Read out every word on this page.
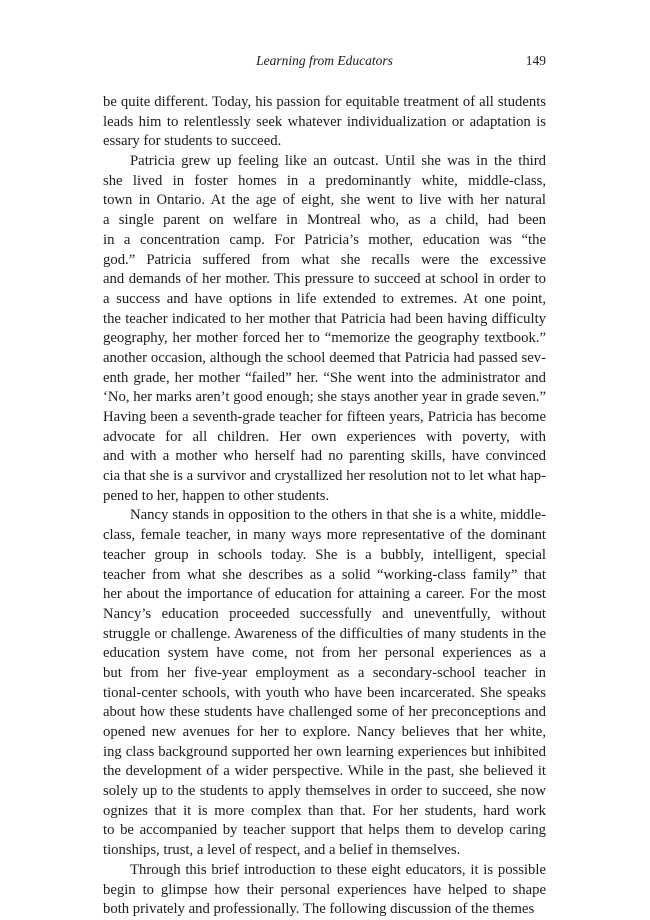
Learning from Educators	149

be quite different. Today, his passion for equitable treatment of all students
leads him to relentlessly seek whatever individualization or adaptation is
essary for students to succeed.

Patricia grew up feeling like an outcast. Until she was in the third
she lived in foster homes in a predominantly white, middle-class,
town in Ontario. At the age of eight, she went to live with her natural
a single parent on welfare in Montreal who, as a child, had been
in a concentration camp. For Patricia’s mother, education was “the
god.” Patricia suffered from what she recalls were the excessive
and demands of her mother. This pressure to succeed at school in order to
a success and have options in life extended to extremes. At one point,
the teacher indicated to her mother that Patricia had been having difficulty
geography, her mother forced her to “memorize the geography textbook.”
another occasion, although the school deemed that Patricia had passed sev-
enth grade, her mother “failed” her. “She went into the administrator and
‘No, her marks aren’t good enough; she stays another year in grade seven.”
Having been a seventh-grade teacher for fifteen years, Patricia has become
advocate for all children. Her own experiences with poverty, with
and with a mother who herself had no parenting skills, have convinced
cia that she is a survivor and crystallized her resolution not to let what hap-
pened to her, happen to other students.

Nancy stands in opposition to the others in that she is a white, middle-
class, female teacher, in many ways more representative of the dominant
teacher group in schools today. She is a bubbly, intelligent, special
teacher from what she describes as a solid “working-class family” that
her about the importance of education for attaining a career. For the most
Nancy’s education proceeded successfully and uneventfully, without
struggle or challenge. Awareness of the difficulties of many students in the
education system have come, not from her personal experiences as a
but from her five-year employment as a secondary-school teacher in
tional-center schools, with youth who have been incarcerated. She speaks
about how these students have challenged some of her preconceptions and
opened new avenues for her to explore. Nancy believes that her white,
ing class background supported her own learning experiences but inhibited
the development of a wider perspective. While in the past, she believed it
solely up to the students to apply themselves in order to succeed, she now
ognizes that it is more complex than that. For her students, hard work
to be accompanied by teacher support that helps them to develop caring
tionships, trust, a level of respect, and a belief in themselves.

Through this brief introduction to these eight educators, it is possible
begin to glimpse how their personal experiences have helped to shape
both privately and professionally. The following discussion of the themes
